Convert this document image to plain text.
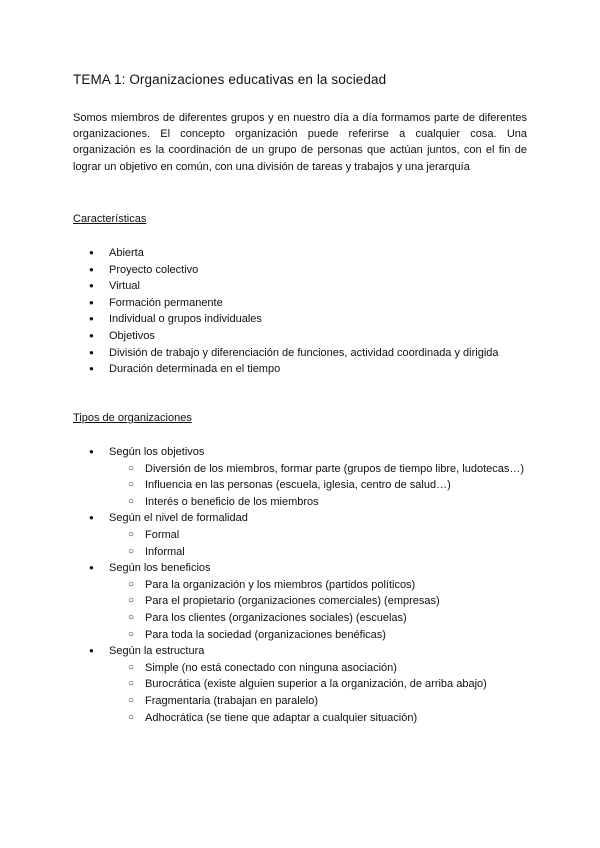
TEMA 1: Organizaciones educativas en la sociedad
Somos miembros de diferentes grupos y en nuestro día a día formamos parte de diferentes organizaciones. El concepto organización puede referirse a cualquier cosa. Una organización es la coordinación de un grupo de personas que actúan juntos, con el fin de lograr un objetivo en común, con una división de tareas y trabajos y una jerarquía
Características
● Abierta
● Proyecto colectivo
● Virtual
● Formación permanente
● Individual o grupos individuales
● Objetivos
● División de trabajo y diferenciación de funciones, actividad coordinada y dirigida
● Duración determinada en el tiempo
Tipos de organizaciones
● Según los objetivos
○ Diversión de los miembros, formar parte (grupos de tiempo libre, ludotecas…)
○ Influencia en las personas (escuela, iglesia, centro de salud…)
○ Interés o beneficio de los miembros
● Según el nivel de formalidad
○ Formal
○ Informal
● Según los beneficios
○ Para la organización y los miembros (partidos políticos)
○ Para el propietario (organizaciones comerciales) (empresas)
○ Para los clientes (organizaciones sociales) (escuelas)
○ Para toda la sociedad (organizaciones benéficas)
● Según la estructura
○ Simple (no está conectado con ninguna asociación)
○ Burocrática (existe alguien superior a la organización, de arriba abajo)
○ Fragmentaria (trabajan en paralelo)
○ Adhocrática (se tiene que adaptar a cualquier situación)
